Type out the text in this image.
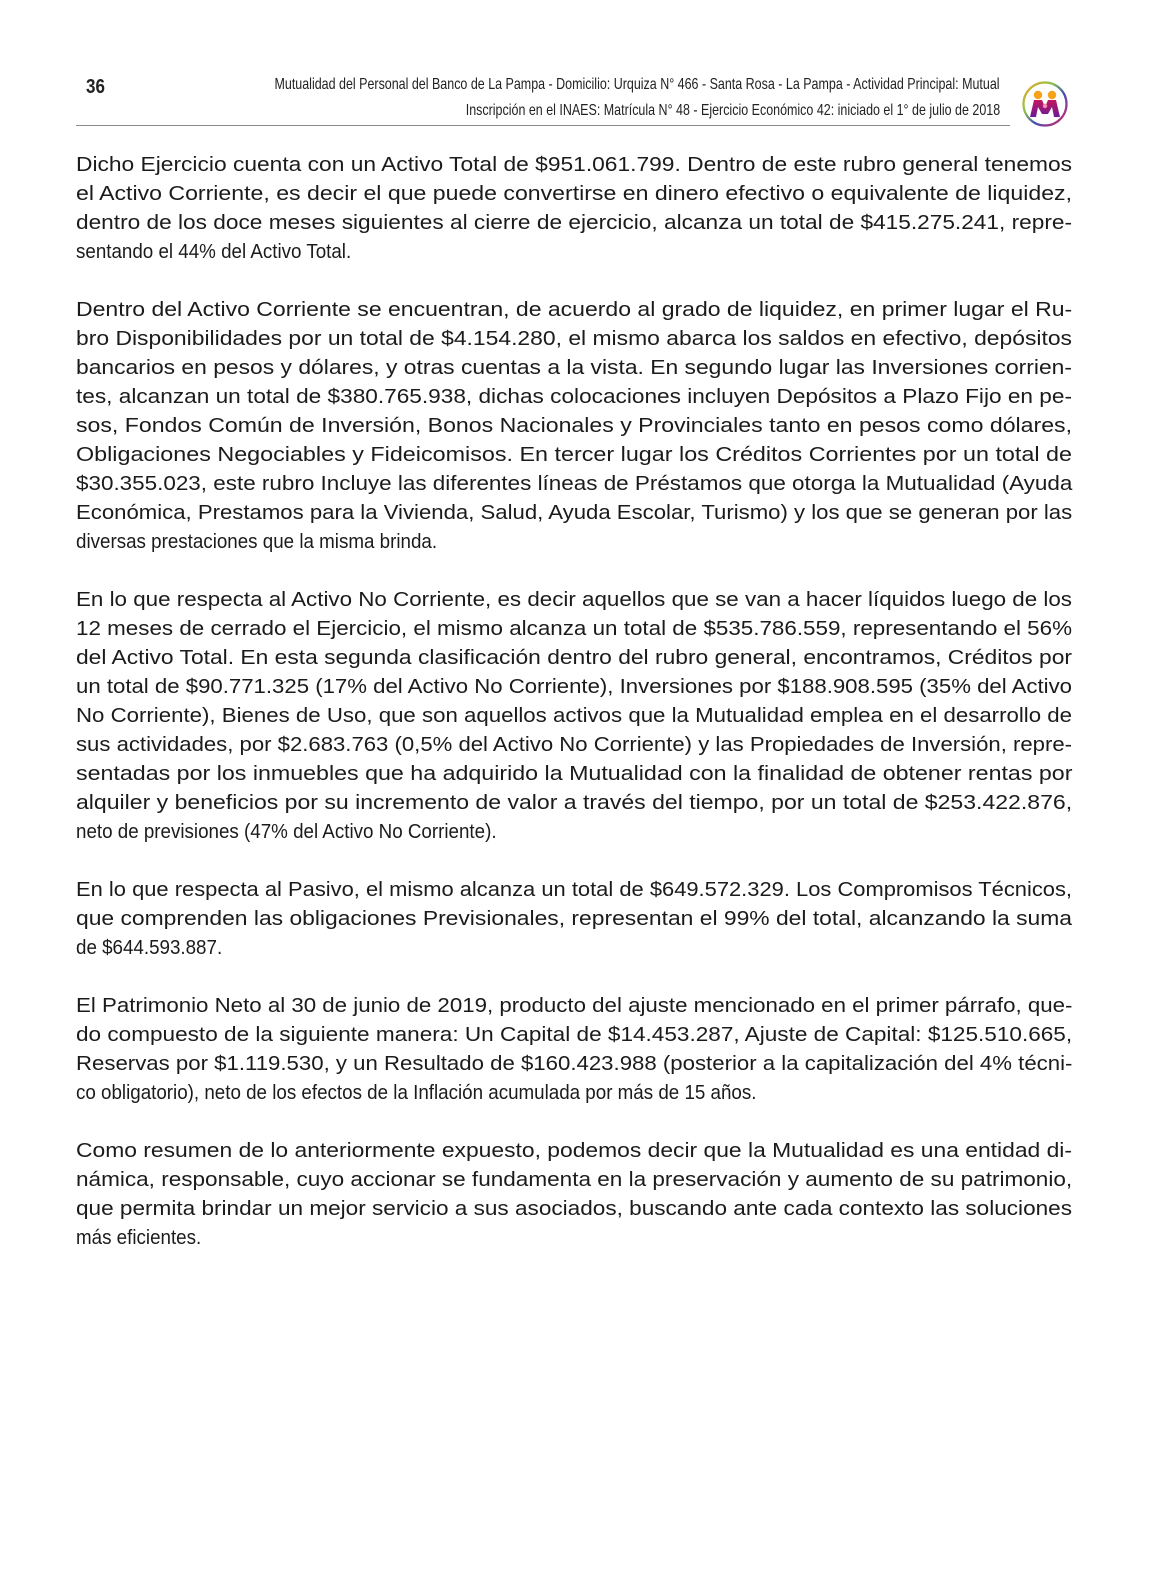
36	Mutualidad del Personal del Banco de La Pampa - Domicilio: Urquiza N° 466 - Santa Rosa - La Pampa - Actividad Principal: Mutual
Inscripción en el INAES: Matrícula N° 48 - Ejercicio Económico 42: iniciado el 1° de julio de 2018

Dicho Ejercicio cuenta con un Activo Total de $951.061.799. Dentro de este rubro general tenemos
el Activo Corriente, es decir el que puede convertirse en dinero efectivo o equivalente de liquidez,
dentro de los doce meses siguientes al cierre de ejercicio, alcanza un total de $415.275.241, repre-
sentando el 44% del Activo Total.

Dentro del Activo Corriente se encuentran, de acuerdo al grado de liquidez, en primer lugar el Ru-
bro Disponibilidades por un total de $4.154.280, el mismo abarca los saldos en efectivo, depósitos
bancarios en pesos y dólares, y otras cuentas a la vista. En segundo lugar las Inversiones corrien-
tes, alcanzan un total de $380.765.938, dichas colocaciones incluyen Depósitos a Plazo Fijo en pe-
sos, Fondos Común de Inversión, Bonos Nacionales y Provinciales tanto en pesos como dólares,
Obligaciones Negociables y Fideicomisos. En tercer lugar los Créditos Corrientes por un total de
$30.355.023, este rubro Incluye las diferentes líneas de Préstamos que otorga la Mutualidad (Ayuda
Económica, Prestamos para la Vivienda, Salud, Ayuda Escolar, Turismo) y los que se generan por las
diversas prestaciones que la misma brinda.

En lo que respecta al Activo No Corriente, es decir aquellos que se van a hacer líquidos luego de los
12 meses de cerrado el Ejercicio, el mismo alcanza un total de $535.786.559, representando el 56%
del Activo Total. En esta segunda clasificación dentro del rubro general, encontramos, Créditos por
un total de $90.771.325 (17% del Activo No Corriente), Inversiones por $188.908.595 (35% del Activo
No Corriente), Bienes de Uso, que son aquellos activos que la Mutualidad emplea en el desarrollo de
sus actividades, por $2.683.763 (0,5% del Activo No Corriente) y las Propiedades de Inversión, repre-
sentadas por los inmuebles que ha adquirido la Mutualidad con la finalidad de obtener rentas por
alquiler y beneficios por su incremento de valor a través del tiempo, por un total de $253.422.876,
neto de previsiones (47% del Activo No Corriente).

En lo que respecta al Pasivo, el mismo alcanza un total de $649.572.329. Los Compromisos Técnicos,
que comprenden las obligaciones Previsionales, representan el 99% del total, alcanzando la suma
de $644.593.887.

El Patrimonio Neto al 30 de junio de 2019, producto del ajuste mencionado en el primer párrafo, que-
do compuesto de la siguiente manera: Un Capital de $14.453.287, Ajuste de Capital: $125.510.665,
Reservas por $1.119.530, y un Resultado de $160.423.988 (posterior a la capitalización del 4% técni-
co obligatorio), neto de los efectos de la Inflación acumulada por más de 15 años.

Como resumen de lo anteriormente expuesto, podemos decir que la Mutualidad es una entidad di-
námica, responsable, cuyo accionar se fundamenta en la preservación y aumento de su patrimonio,
que permita brindar un mejor servicio a sus asociados, buscando ante cada contexto las soluciones
más eficientes.
